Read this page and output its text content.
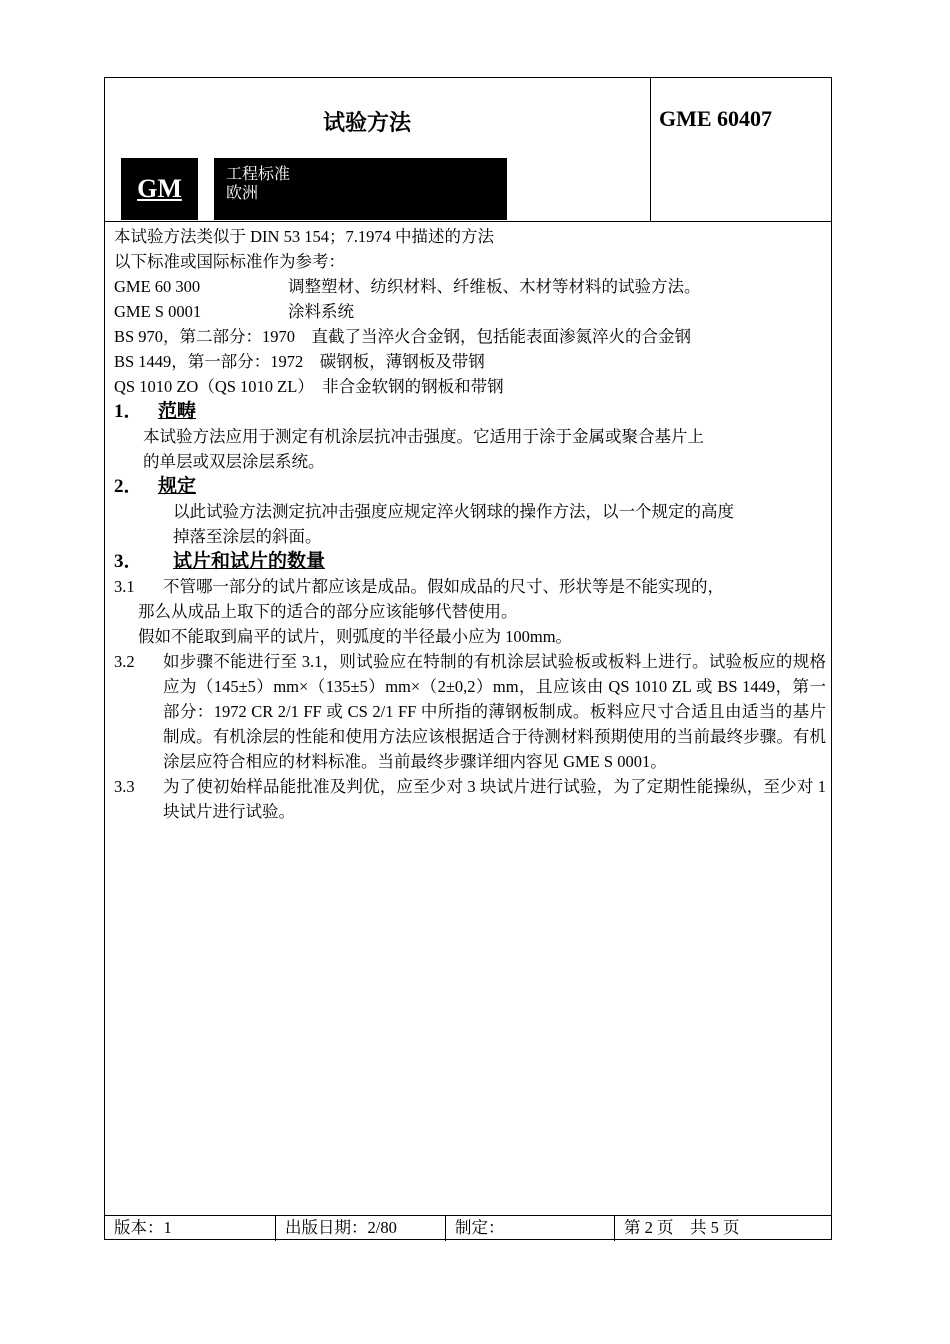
试验方法
GM
工程标准
欧洲
GME 60407
本试验方法类似于 DIN 53 154；7.1974 中描述的方法
以下标准或国际标准作为参考：
GME 60 300	调整塑材、纺织材料、纤维板、木材等材料的试验方法。
GME S 0001	涂料系统
BS 970，第二部分：1970　直截了当淬火合金钢，包括能表面渗氮淬火的合金钢
BS 1449，第一部分：1972　碳钢板，薄钢板及带钢
QS 1010 ZO（QS 1010 ZL）　非合金软钢的钢板和带钢
1． 范畴
本试验方法应用于测定有机涂层抗冲击强度。它适用于涂于金属或聚合基片上
的单层或双层涂层系统。
2． 规定
以此试验方法测定抗冲击强度应规定淬火钢球的操作方法，以一个规定的高度
掉落至涂层的斜面。
3． 试片和试片的数量
3.1 不管哪一部分的试片都应该是成品。假如成品的尺寸、形状等是不能实现的，
那么从成品上取下的适合的部分应该能够代替使用。
假如不能取到扁平的试片，则弧度的半径最小应为 100mm。
3.2 如步骤不能进行至 3.1，则试验应在特制的有机涂层试验板或板料上进行。试验板应的规格应为（145±5）mm×（135±5）mm×（2±0,2）mm，且应该由 QS 1010 ZL 或 BS 1449，第一部分：1972 CR 2/1 FF 或 CS 2/1 FF 中所指的薄钢板制成。板料应尺寸合适且由适当的基片制成。有机涂层的性能和使用方法应该根据适合于待测材料预期使用的当前最终步骤。有机涂层应符合相应的材料标准。当前最终步骤详细内容见 GME S 0001。
3.3 为了使初始样品能批准及判优，应至少对 3 块试片进行试验，为了定期性能操纵，至少对 1 块试片进行试验。
版本：1	出版日期：2/80	制定：	第 2 页　共 5 页
